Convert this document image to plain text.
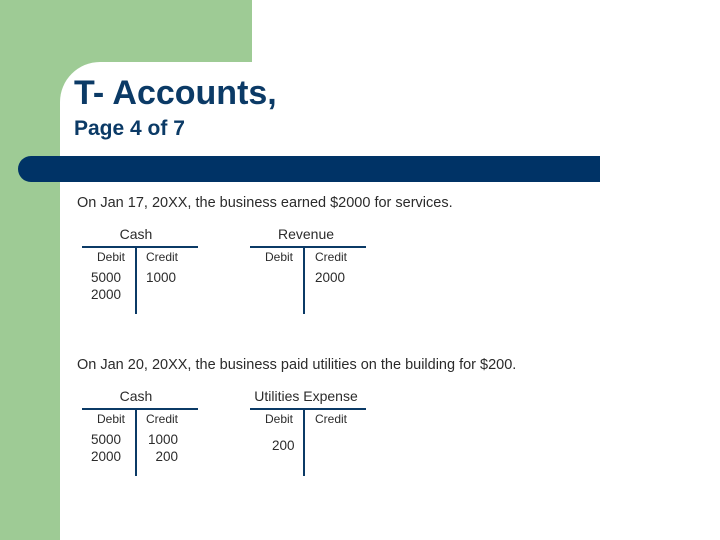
T- Accounts,
Page 4 of 7
On Jan 17, 20XX, the business earned $2000 for services.
Cash
Debit Credit
5000
2000
1000
Revenue
Debit Credit
2000
On Jan 20, 20XX, the business paid utilities on the building for $200.
Cash
Debit Credit
5000
2000
1000
200
Utilities Expense
Debit Credit
200
